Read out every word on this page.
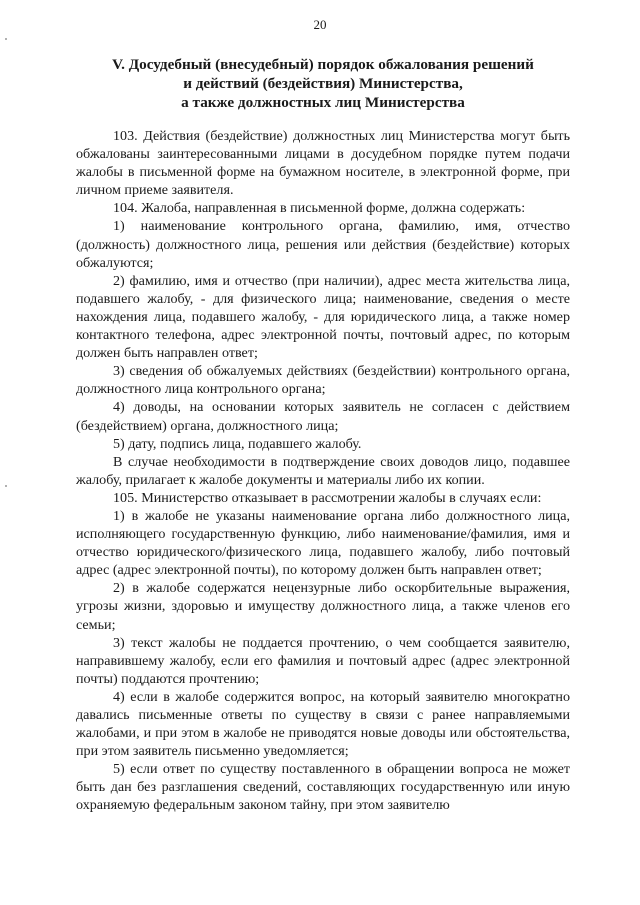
20

V. Досудебный (внесудебный) порядок обжалования решений
и действий (бездействия) Министерства,
а также должностных лиц Министерства

103. Действия (бездействие) должностных лиц Министерства могут быть обжалованы заинтересованными лицами в досудебном порядке путем подачи жалобы в письменной форме на бумажном носителе, в электронной форме, при личном приеме заявителя.

104. Жалоба, направленная в письменной форме, должна содержать:

1) наименование контрольного органа, фамилию, имя, отчество (должность) должностного лица, решения или действия (бездействие) которых обжалуются;

2) фамилию, имя и отчество (при наличии), адрес места жительства лица, подавшего жалобу, - для физического лица; наименование, сведения о месте нахождения лица, подавшего жалобу, - для юридического лица, а также номер контактного телефона, адрес электронной почты, почтовый адрес, по которым должен быть направлен ответ;

3) сведения об обжалуемых действиях (бездействии) контрольного органа, должностного лица контрольного органа;

4) доводы, на основании которых заявитель не согласен с действием (бездействием) органа, должностного лица;

5) дату, подпись лица, подавшего жалобу.

В случае необходимости в подтверждение своих доводов лицо, подавшее жалобу, прилагает к жалобе документы и материалы либо их копии.

105. Министерство отказывает в рассмотрении жалобы в случаях если:

1) в жалобе не указаны наименование органа либо должностного лица, исполняющего государственную функцию, либо наименование/фамилия, имя и отчество юридического/физического лица, подавшего жалобу, либо почтовый адрес (адрес электронной почты), по которому должен быть направлен ответ;

2) в жалобе содержатся нецензурные либо оскорбительные выражения, угрозы жизни, здоровью и имуществу должностного лица, а также членов его семьи;

3) текст жалобы не поддается прочтению, о чем сообщается заявителю, направившему жалобу, если его фамилия и почтовый адрес (адрес электронной почты) поддаются прочтению;

4) если в жалобе содержится вопрос, на который заявителю многократно давались письменные ответы по существу в связи с ранее направляемыми жалобами, и при этом в жалобе не приводятся новые доводы или обстоятельства, при этом заявитель письменно уведомляется;

5) если ответ по существу поставленного в обращении вопроса не может быть дан без разглашения сведений, составляющих государственную или иную охраняемую федеральным законом тайну, при этом заявителю
